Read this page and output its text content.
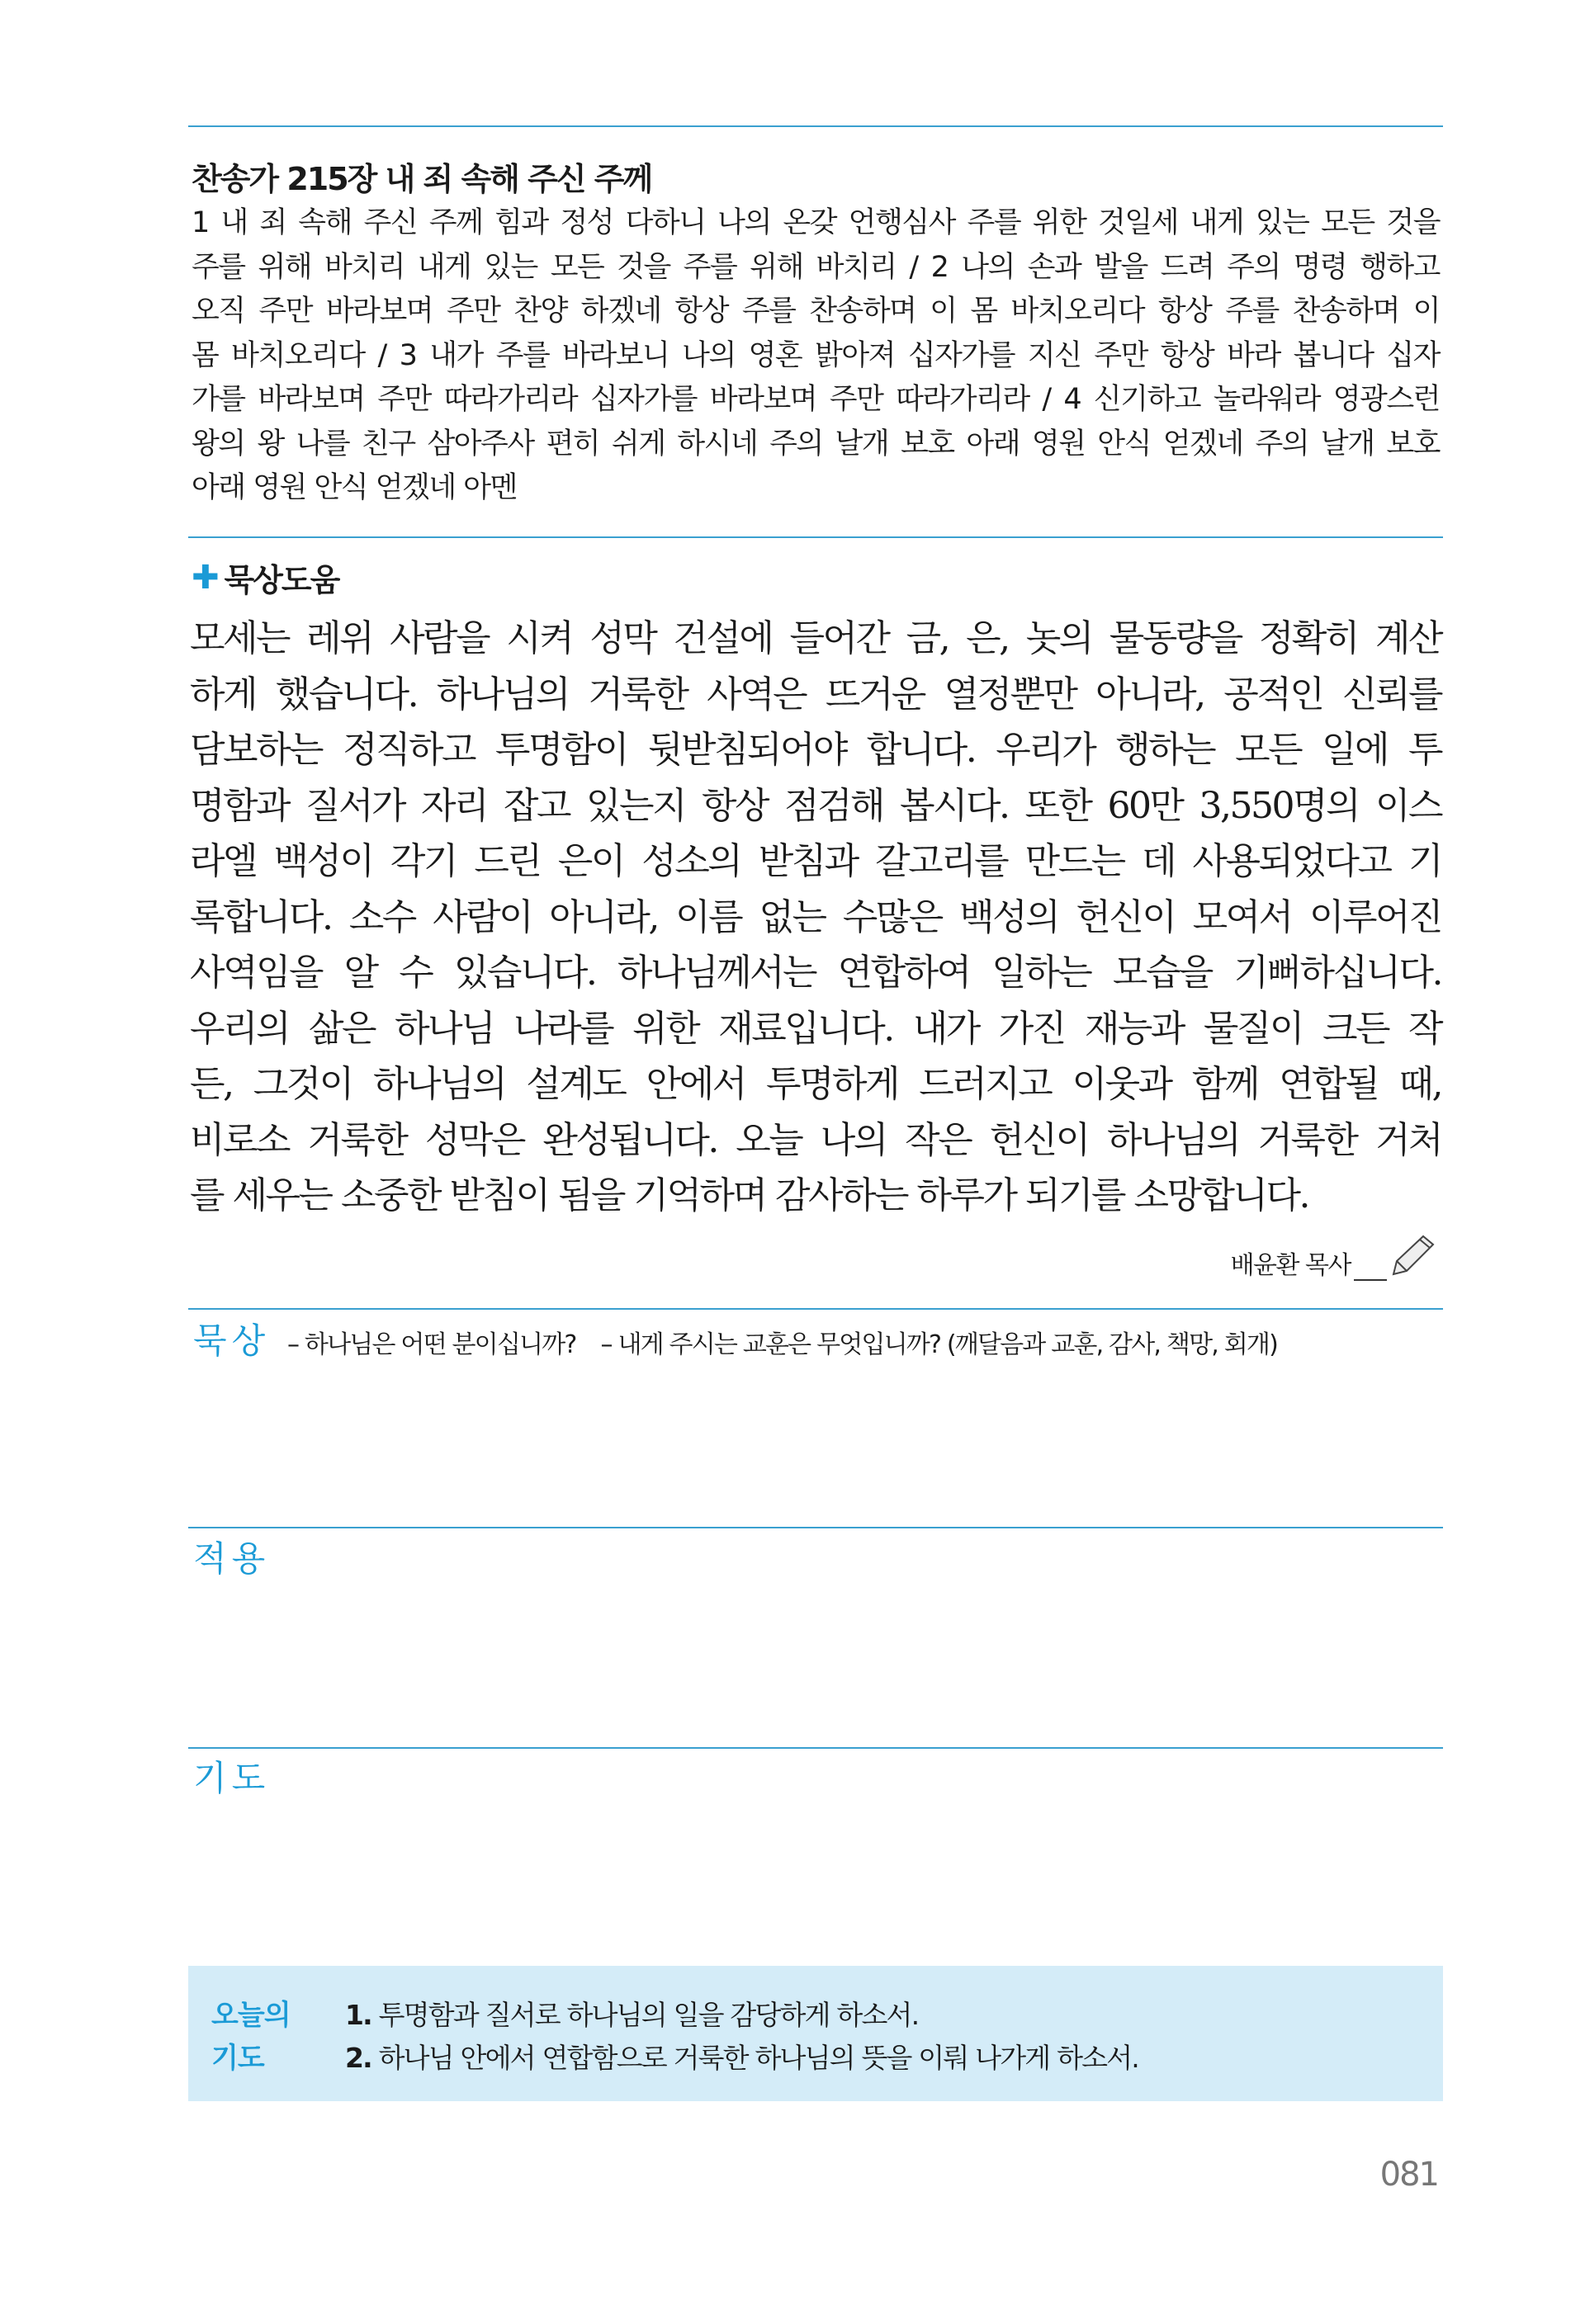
찬송가 215장 내 죄 속해 주신 주께
1 내 죄 속해 주신 주께 힘과 정성 다하니 나의 온갖 언행심사 주를 위한 것일세 내게 있는 모든 것을
주를 위해 바치리 내게 있는 모든 것을 주를 위해 바치리 / 2 나의 손과 발을 드려 주의 명령 행하고
오직 주만 바라보며 주만 찬양 하겠네 항상 주를 찬송하며 이 몸 바치오리다 항상 주를 찬송하며 이
몸 바치오리다 / 3 내가 주를 바라보니 나의 영혼 밝아져 십자가를 지신 주만 항상 바라 봅니다 십자
가를 바라보며 주만 따라가리라 십자가를 바라보며 주만 따라가리라 / 4 신기하고 놀라워라 영광스런
왕의 왕 나를 친구 삼아주사 편히 쉬게 하시네 주의 날개 보호 아래 영원 안식 얻겠네 주의 날개 보호
아래 영원 안식 얻겠네 아멘
✚ 묵상도움
모세는 레위 사람을 시켜 성막 건설에 들어간 금, 은, 놋의 물동량을 정확히 계산
하게 했습니다. 하나님의 거룩한 사역은 뜨거운 열정뿐만 아니라, 공적인 신뢰를
담보하는 정직하고 투명함이 뒷받침되어야 합니다. 우리가 행하는 모든 일에 투
명함과 질서가 자리 잡고 있는지 항상 점검해 봅시다. 또한 60만 3,550명의 이스
라엘 백성이 각기 드린 은이 성소의 받침과 갈고리를 만드는 데 사용되었다고 기
록합니다. 소수 사람이 아니라, 이름 없는 수많은 백성의 헌신이 모여서 이루어진
사역임을 알 수 있습니다. 하나님께서는 연합하여 일하는 모습을 기뻐하십니다.
우리의 삶은 하나님 나라를 위한 재료입니다. 내가 가진 재능과 물질이 크든 작
든, 그것이 하나님의 설계도 안에서 투명하게 드러지고 이웃과 함께 연합될 때,
비로소 거룩한 성막은 완성됩니다. 오늘 나의 작은 헌신이 하나님의 거룩한 거처
를 세우는 소중한 받침이 됨을 기억하며 감사하는 하루가 되기를 소망합니다.
배윤환 목사
묵상 – 하나님은 어떤 분이십니까? – 내게 주시는 교훈은 무엇입니까? (깨달음과 교훈, 감사, 책망, 회개)
적용
기도
오늘의
기도
1. 투명함과 질서로 하나님의 일을 감당하게 하소서.
2. 하나님 안에서 연합함으로 거룩한 하나님의 뜻을 이뤄 나가게 하소서.
081
